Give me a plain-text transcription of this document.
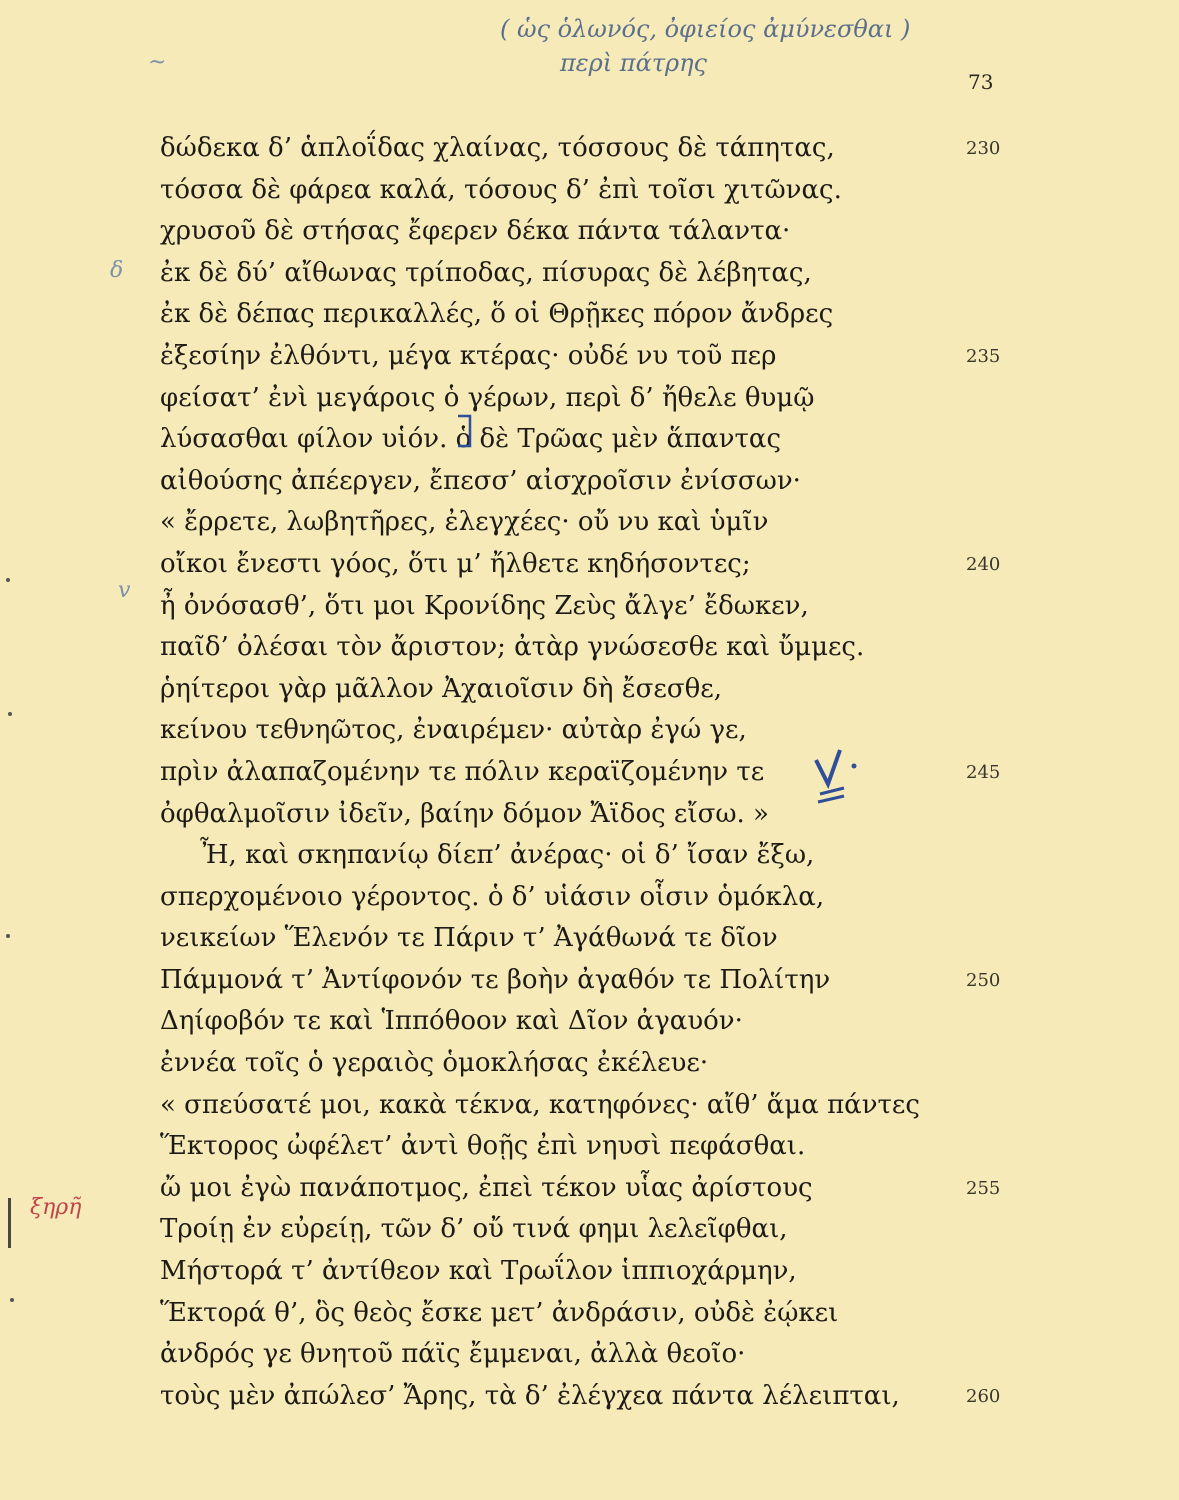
( ὡς ὁλωνός, ὀφιείος ἀμύνεσθαι )
περὶ πάτρης
73
δώδεκα δ’ ἁπλοΐδας χλαίνας, τόσσους δὲ τάπητας,	230
τόσσα δὲ φάρεα καλά, τόσους δ’ ἐπὶ τοῖσι χιτῶνας.
χρυσοῦ δὲ στήσας ἔφερεν δέκα πάντα τάλαντα·
ἐκ δὲ δύ’ αἴθωνας τρίποδας, πίσυρας δὲ λέβητας,
ἐκ δὲ δέπας περικαλλές, ὅ οἱ Θρῇκες πόρον ἄνδρες
ἐξεσίην ἐλθόντι, μέγα κτέρας· οὐδέ νυ τοῦ περ	235
φείσατ’ ἐνὶ μεγάροις ὁ γέρων, περὶ δ’ ἤθελε θυμῷ
λύσασθαι φίλον υἱόν. ὁ δὲ Τρῶας μὲν ἅπαντας
αἰθούσης ἀπέεργεν, ἔπεσσ’ αἰσχροῖσιν ἐνίσσων·
« ἔρρετε, λωβητῆρες, ἐλεγχέες· οὔ νυ καὶ ὑμῖν
οἴκοι ἔνεστι γόος, ὅτι μ’ ἤλθετε κηδήσοντες;	240
ἦ ὀνόσασθ’, ὅτι μοι Κρονίδης Ζεὺς ἄλγε’ ἔδωκεν,
παῖδ’ ὀλέσαι τὸν ἄριστον; ἀτὰρ γνώσεσθε καὶ ὔμμες.
ῥηίτεροι γὰρ μᾶλλον Ἀχαιοῖσιν δὴ ἔσεσθε,
κείνου τεθνηῶτος, ἐναιρέμεν· αὐτὰρ ἐγώ γε,
πρὶν ἀλαπαζομένην τε πόλιν κεραϊζομένην τε	245
ὀφθαλμοῖσιν ἰδεῖν, βαίην δόμον Ἄϊδος εἴσω. »
Ἦ, καὶ σκηπανίῳ δίεπ’ ἀνέρας· οἱ δ’ ἴσαν ἔξω,
σπερχομένοιο γέροντος. ὁ δ’ υἱάσιν οἷσιν ὁμόκλα,
νεικείων Ἕλενόν τε Πάριν τ’ Ἀγάθωνά τε δῖον
Πάμμονά τ’ Ἀντίφονόν τε βοὴν ἀγαθόν τε Πολίτην	250
Δηίφοβόν τε καὶ Ἱππόθοον καὶ Δῖον ἀγαυόν·
ἐννέα τοῖς ὁ γεραιὸς ὁμοκλήσας ἐκέλευε·
« σπεύσατέ μοι, κακὰ τέκνα, κατηφόνες· αἴθ’ ἅμα πάντες
Ἕκτορος ὠφέλετ’ ἀντὶ θοῇς ἐπὶ νηυσὶ πεφάσθαι.
ὤ μοι ἐγὼ πανάποτμος, ἐπεὶ τέκον υἷας ἀρίστους	255
Τροίῃ ἐν εὐρείῃ, τῶν δ’ οὔ τινά φημι λελεῖφθαι,
Μήστορά τ’ ἀντίθεον καὶ Τρωΐλον ἱππιοχάρμην,
Ἕκτορά θ’, ὃς θεὸς ἔσκε μετ’ ἀνδράσιν, οὐδὲ ἐῴκει
ἀνδρός γε θνητοῦ πάϊς ἔμμεναι, ἀλλὰ θεοῖο·
τοὺς μὲν ἀπώλεσ’ Ἄρης, τὰ δ’ ἐλέγχεα πάντα λέλειπται,	260
δ
v
~
ξηρῆ
